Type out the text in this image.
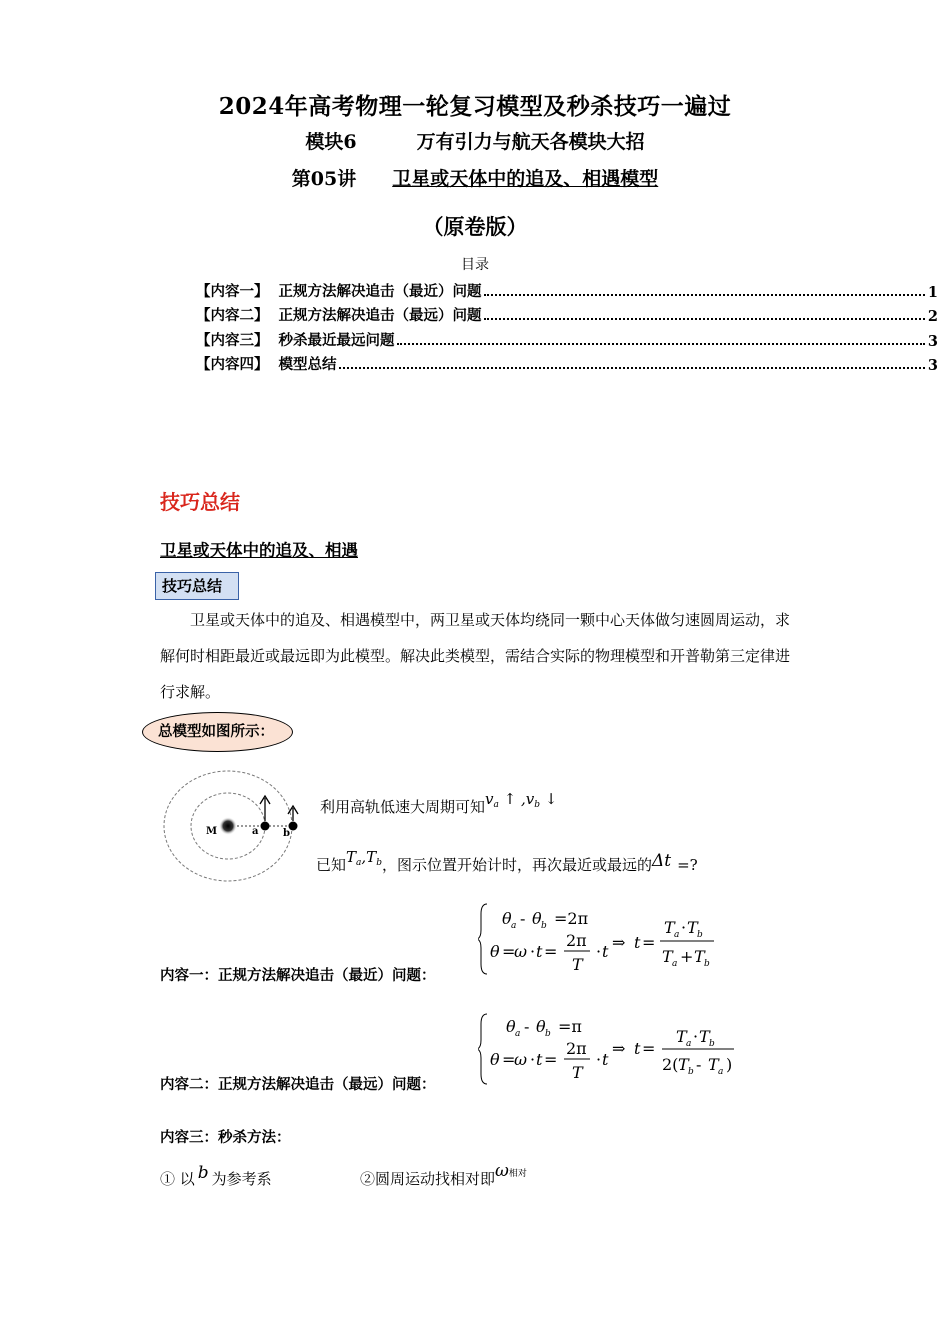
2024年高考物理一轮复习模型及秒杀技巧一遍过
模块6	万有引力与航天各模块大招
第05讲 卫星或天体中的追及、相遇模型
（原卷版）
目录
【内容一】 正规方法解决追击（最近）问题	1
【内容二】 正规方法解决追击（最远）问题	2
【内容三】 秒杀最近最远问题	3
【内容四】 模型总结	3
技巧总结
卫星或天体中的追及、相遇
技巧总结
卫星或天体中的追及、相遇模型中，两卫星或天体均绕同一颗中心天体做匀速圆周运动，求解何时相距最近或最远即为此模型。解决此类模型，需结合实际的物理模型和开普勒第三定律进行求解。
总模型如图所示：
M	a b
利用高轨低速大周期可知$v_a$ ↑ $,v_b$ ↓
已知$T_a,T_b$，图示位置开始计时，再次最近或最远的Δt =?
内容一：正规方法解决追击（最近）问题：
θ a - θ b =2π
θ =
ω · t =
2π
T
· t ⇒ t =
T a · T b
T a + T b
内容二：正规方法解决追击（最远）问题：
θ a - θ b =π
θ =
ω · t =
2π
T
· t
⇒ t =
T a · T b
2( T b - T a )
内容三：秒杀方法：
① 以 b 为参考系	②圆周运动找相对即ω相对
